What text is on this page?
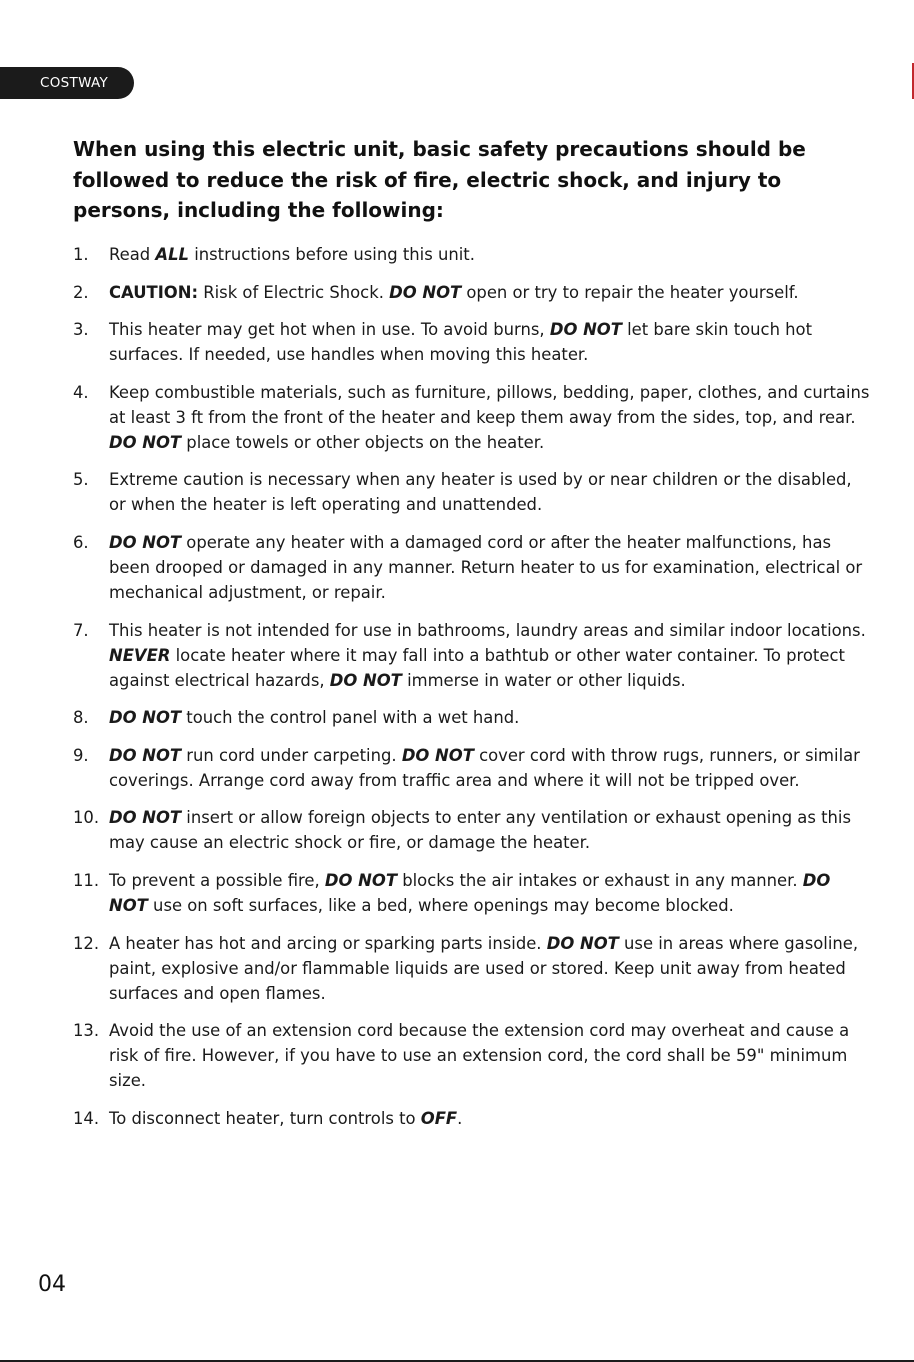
COSTWAY

When using this electric unit, basic safety precautions should be followed to reduce the risk of fire, electric shock, and injury to persons, including the following:

1.	Read ALL instructions before using this unit.
2.	CAUTION: Risk of Electric Shock. DO NOT open or try to repair the heater yourself.
3.	This heater may get hot when in use. To avoid burns, DO NOT let bare skin touch hot surfaces. If needed, use handles when moving this heater.
4.	Keep combustible materials, such as furniture, pillows, bedding, paper, clothes, and curtains at least 3 ft from the front of the heater and keep them away from the sides, top, and rear. DO NOT place towels or other objects on the heater.
5.	Extreme caution is necessary when any heater is used by or near children or the disabled, or when the heater is left operating and unattended.
6.	DO NOT operate any heater with a damaged cord or after the heater malfunctions, has been drooped or damaged in any manner. Return heater to us for examination, electrical or mechanical adjustment, or repair.
7.	This heater is not intended for use in bathrooms, laundry areas and similar indoor locations. NEVER locate heater where it may fall into a bathtub or other water container. To protect against electrical hazards, DO NOT immerse in water or other liquids.
8.	DO NOT touch the control panel with a wet hand.
9.	DO NOT run cord under carpeting. DO NOT cover cord with throw rugs, runners, or similar coverings. Arrange cord away from traffic area and where it will not be tripped over.
10. DO NOT insert or allow foreign objects to enter any ventilation or exhaust opening as this may cause an electric shock or fire, or damage the heater.
11. To prevent a possible fire, DO NOT blocks the air intakes or exhaust in any manner. DO NOT use on soft surfaces, like a bed, where openings may become blocked.
12. A heater has hot and arcing or sparking parts inside. DO NOT use in areas where gasoline, paint, explosive and/or flammable liquids are used or stored. Keep unit away from heated surfaces and open flames.
13. Avoid the use of an extension cord because the extension cord may overheat and cause a risk of fire. However, if you have to use an extension cord, the cord shall be 59" minimum size.
14. To disconnect heater, turn controls to OFF.
04
